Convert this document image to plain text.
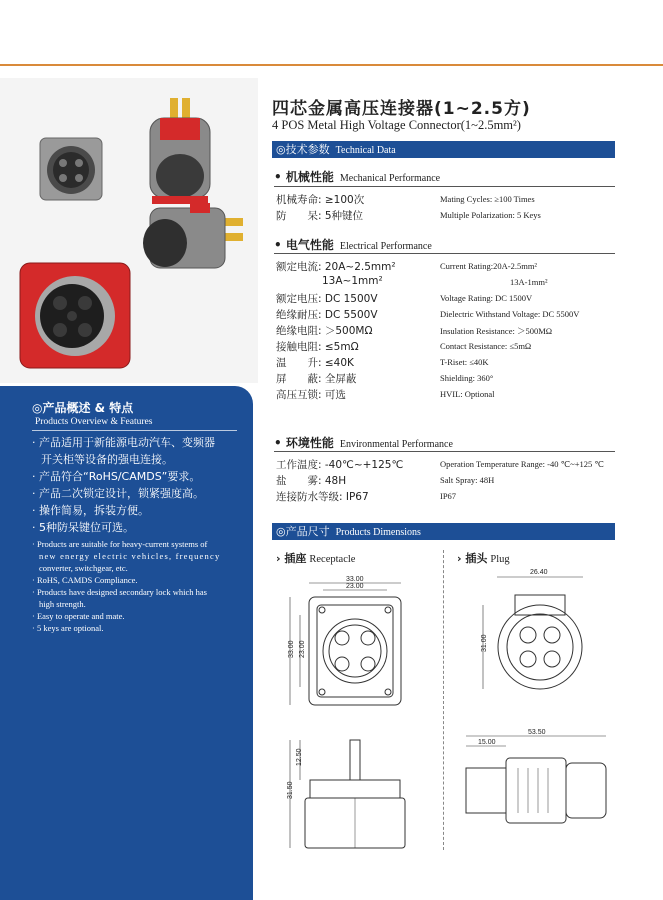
四芯金属高压连接器(1~2.5方)
4 POS Metal High Voltage Connector(1~2.5mm²)
◎技术参数 Technical Data
• 机械性能 Mechanical Performance
机械寿命: ≥100次	Mating Cycles: ≥100 Times
防　　呆: 5种键位	Multiple Polarization: 5 Keys
• 电气性能 Electrical Performance
额定电流: 20A~2.5mm²	Current Rating:20A-2.5mm²
13A~1mm²	13A-1mm²
额定电压: DC 1500V	Voltage Rating: DC 1500V
绝缘耐压: DC 5500V	Dielectric Withstand Voltage: DC 5500V
绝缘电阻: ＞500MΩ	Insulation Resistance: ＞500MΩ
接触电阻: ≤5mΩ	Contact Resistance: ≤5mΩ
温　　升: ≤40K	T-Riset: ≤40K
屏　　蔽: 全屏蔽	Shielding: 360°
高压互锁: 可选	HVIL: Optional
• 环境性能 Environmental Performance
工作温度: -40℃~+125℃	Operation Temperature Range: -40 ℃~+125 ℃
盐　　雾: 48H	Salt Spray: 48H
连接防水等级: IP67	IP67
◎产品尺寸 Products Dimensions
› 插座 Receptacle	› 插头 Plug
33.00
23.00
33.00 23.00
31.50
12.50
26.40
31.00
53.50
15.00
◎产品概述 & 特点
Products Overview & Features
· 产品适用于新能源电动汽车、变频器
开关柜等设备的强电连接。
· 产品符合“RoHS/CAMDS”要求。
· 产品二次锁定设计，锁紧强度高。
· 操作简易，拆装方便。
· 5种防呆键位可选。
· Products are suitable for heavy-current systems of
new energy electric vehicles, frequency
converter, switchgear, etc.
· RoHS, CAMDS Compliance.
· Products have designed secondary lock which has
high strength.
· Easy to operate and mate.
· 5 keys are optional.
